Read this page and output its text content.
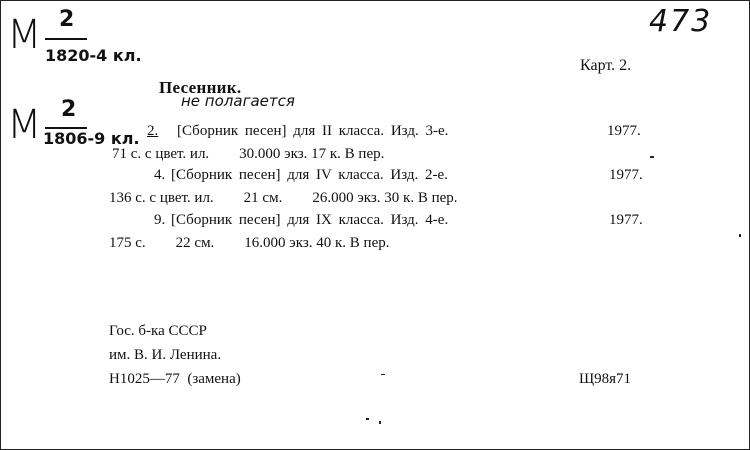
473
М 2
1820-4 кл.
Карт. 2.
Песенник.
не полагается
М 2
1806-9 кл. 2. [Сборник песен] для II класса. Изд. 3-е.	1977.
71 с. с цвет. ил.        30.000 экз. 17 к. В пер.
4. [Сборник песен] для IV класса. Изд. 2-е.	1977.
136 с. с цвет. ил.        21 см.        26.000 экз. 30 к. В пер.
9. [Сборник песен] для IX класса. Изд. 4-е.	1977.
175 с.        22 см.        16.000 экз. 40 к. В пер.
Гос. б-ка СССР
им. В. И. Ленина.
Н1025—77  (замена)	Щ98я71
